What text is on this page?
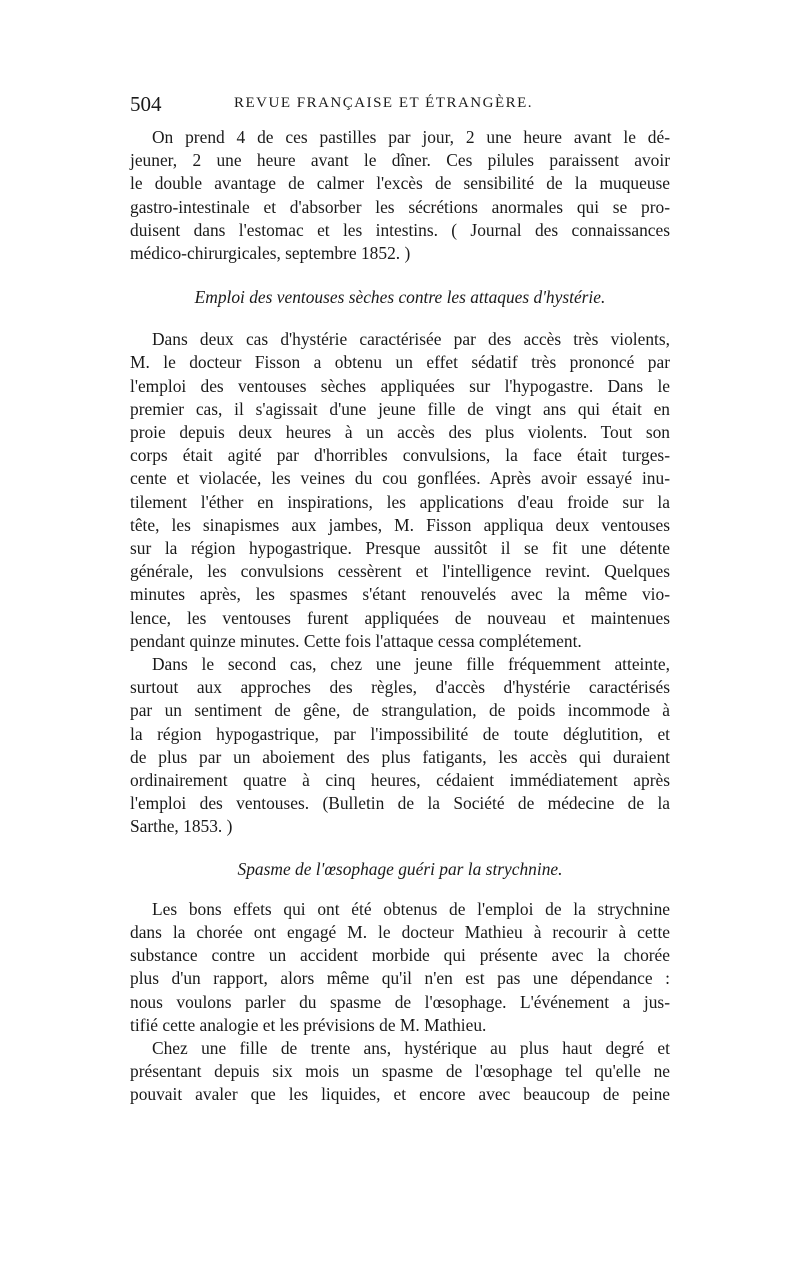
504	REVUE FRANÇAISE ET ÉTRANGÈRE.
On prend 4 de ces pastilles par jour, 2 une heure avant le dé-
jeuner, 2 une heure avant le dîner. Ces pilules paraissent avoir
le double avantage de calmer l'excès de sensibilité de la muqueuse
gastro-intestinale et d'absorber les sécrétions anormales qui se pro-
duisent dans l'estomac et les intestins. ( Journal des connaissances
médico-chirurgicales, septembre 1852. )

Emploi des ventouses sèches contre les attaques d'hystérie.

Dans deux cas d'hystérie caractérisée par des accès très violents,
M. le docteur Fisson a obtenu un effet sédatif très prononcé par
l'emploi des ventouses sèches appliquées sur l'hypogastre. Dans le
premier cas, il s'agissait d'une jeune fille de vingt ans qui était en
proie depuis deux heures à un accès des plus violents. Tout son
corps était agité par d'horribles convulsions, la face était turges-
cente et violacée, les veines du cou gonflées. Après avoir essayé inu-
tilement l'éther en inspirations, les applications d'eau froide sur la
tête, les sinapismes aux jambes, M. Fisson appliqua deux ventouses
sur la région hypogastrique. Presque aussitôt il se fit une détente
générale, les convulsions cessèrent et l'intelligence revint. Quelques
minutes après, les spasmes s'étant renouvelés avec la même vio-
lence, les ventouses furent appliquées de nouveau et maintenues
pendant quinze minutes. Cette fois l'attaque cessa complétement.
Dans le second cas, chez une jeune fille fréquemment atteinte,
surtout aux approches des règles, d'accès d'hystérie caractérisés
par un sentiment de gêne, de strangulation, de poids incommode à
la région hypogastrique, par l'impossibilité de toute déglutition, et
de plus par un aboiement des plus fatigants, les accès qui duraient
ordinairement quatre à cinq heures, cédaient immédiatement après
l'emploi des ventouses. (Bulletin de la Société de médecine de la
Sarthe, 1853. )

Spasme de l'œsophage guéri par la strychnine.

Les bons effets qui ont été obtenus de l'emploi de la strychnine
dans la chorée ont engagé M. le docteur Mathieu à recourir à cette
substance contre un accident morbide qui présente avec la chorée
plus d'un rapport, alors même qu'il n'en est pas une dépendance :
nous voulons parler du spasme de l'œsophage. L'événement a jus-
tifié cette analogie et les prévisions de M. Mathieu.
Chez une fille de trente ans, hystérique au plus haut degré et
présentant depuis six mois un spasme de l'œsophage tel qu'elle ne
pouvait avaler que les liquides, et encore avec beaucoup de peine
